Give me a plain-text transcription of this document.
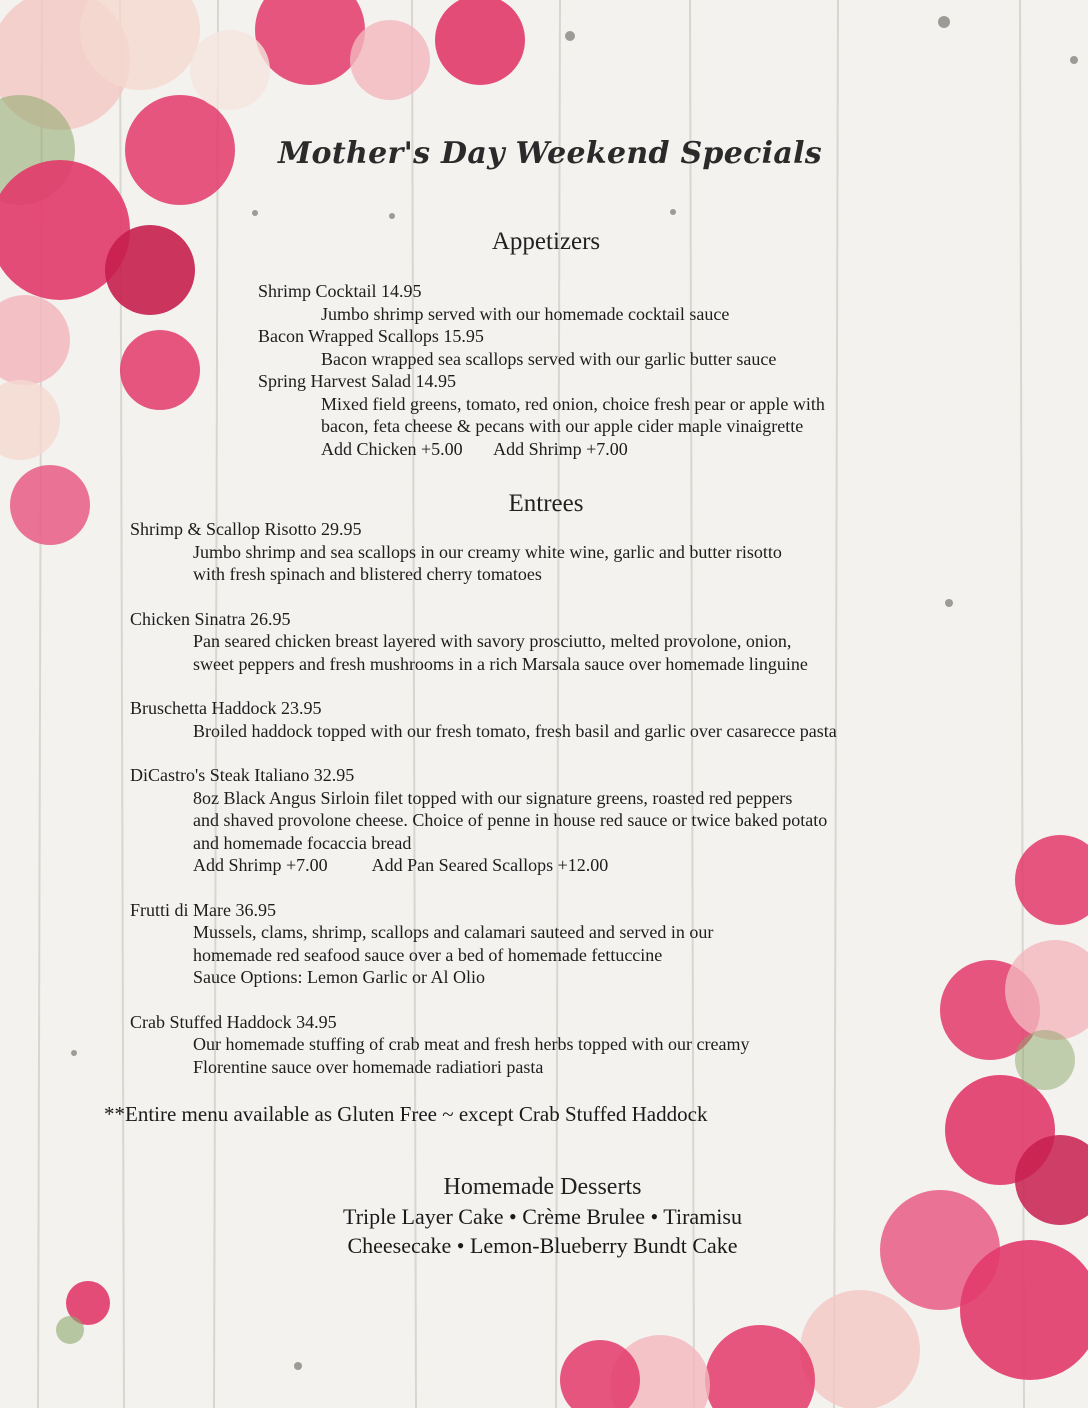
Mother's Day Weekend Specials
Appetizers
Shrimp Cocktail 14.95
Jumbo shrimp served with our homemade cocktail sauce
Bacon Wrapped Scallops 15.95
Bacon wrapped sea scallops served with our garlic butter sauce
Spring Harvest Salad 14.95
Mixed field greens, tomato, red onion, choice fresh pear or apple with
bacon, feta cheese & pecans with our apple cider maple vinaigrette
Add Chicken +5.00       Add Shrimp +7.00
Entrees
Shrimp & Scallop Risotto 29.95
Jumbo shrimp and sea scallops in our creamy white wine, garlic and butter risotto
with fresh spinach and blistered cherry tomatoes
Chicken Sinatra 26.95
Pan seared chicken breast layered with savory prosciutto, melted provolone, onion,
sweet peppers and fresh mushrooms in a rich Marsala sauce over homemade linguine
Bruschetta Haddock 23.95
Broiled haddock topped with our fresh tomato, fresh basil and garlic over casarecce pasta
DiCastro's Steak Italiano 32.95
8oz Black Angus Sirloin filet topped with our signature greens, roasted red peppers
and shaved provolone cheese. Choice of penne in house red sauce or twice baked potato
and homemade focaccia bread
Add Shrimp +7.00          Add Pan Seared Scallops +12.00
Frutti di Mare 36.95
Mussels, clams, shrimp, scallops and calamari sauteed and served in our
homemade red seafood sauce over a bed of homemade fettuccine
Sauce Options: Lemon Garlic or Al Olio
Crab Stuffed Haddock 34.95
Our homemade stuffing of crab meat and fresh herbs topped with our creamy
Florentine sauce over homemade radiatiori pasta
**Entire menu available as Gluten Free ~ except Crab Stuffed Haddock
Homemade Desserts
Triple Layer Cake • Crème Brulee • Tiramisu
Cheesecake • Lemon-Blueberry Bundt Cake
